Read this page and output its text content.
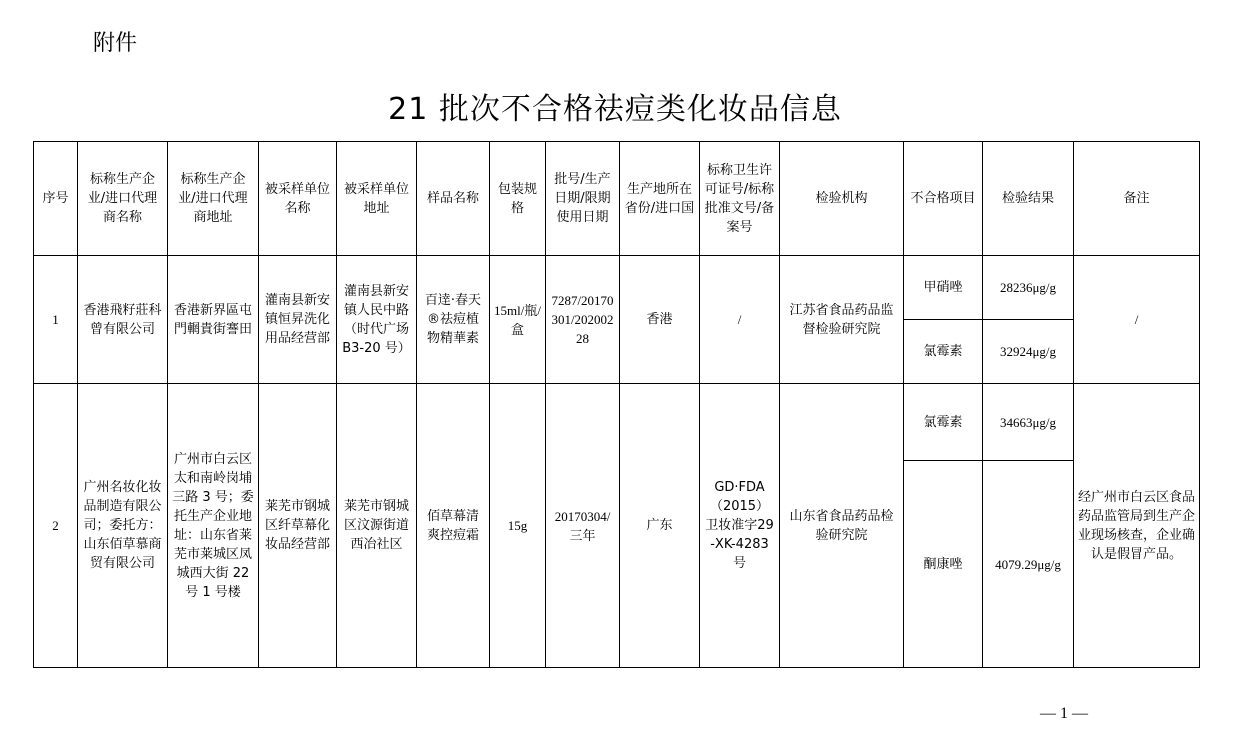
附件
21 批次不合格祛痘类化妆品信息
序号	标称生产企业/进口代理商名称	标称生产企业/进口代理商地址	被采样单位名称	被采样单位地址	样品名称	包装规格	批号/生产日期/限期使用日期	生产地所在省份/进口国	标称卫生许可证号/标称批准文号/备案号	检验机构	不合格项目	检验结果	备注
1	香港飛籽莊科曾有限公司	香港新界區屯門輞貴街謇田	灌南县新安镇恒昇洗化用品经营部	灌南县新安镇人民中路（时代广场B3-20 号）	百逹·春天®祛痘植物精華素	15ml/瓶/盒	7287/20170301/20200228	香港	/	江苏省食品药品监督检验研究院	甲硝唑	28236μg/g	/
											氯霉素	32924μg/g	
2	广州名妆化妆品制造有限公司；委托方：山东佰草慕商贸有限公司	广州市白云区太和南岭岗埔三路 3 号；委托生产企业地址：山东省莱芜市莱城区凤城西大街 22 号 1 号楼	莱芜市钢城区纤草幕化妆品经营部	莱芜市钢城区汶源街道西冶社区	佰草幕清爽控痘霜	15g	20170304/三年	广东	GD·FDA（2015）卫妆准字29-XK-4283 号	山东省食品药品检验研究院	氯霉素	34663μg/g	经广州市白云区食品药品监管局到生产企业现场核查，企业确认是假冒产品。
											酮康唑	4079.29μg/g	
— 1 —
